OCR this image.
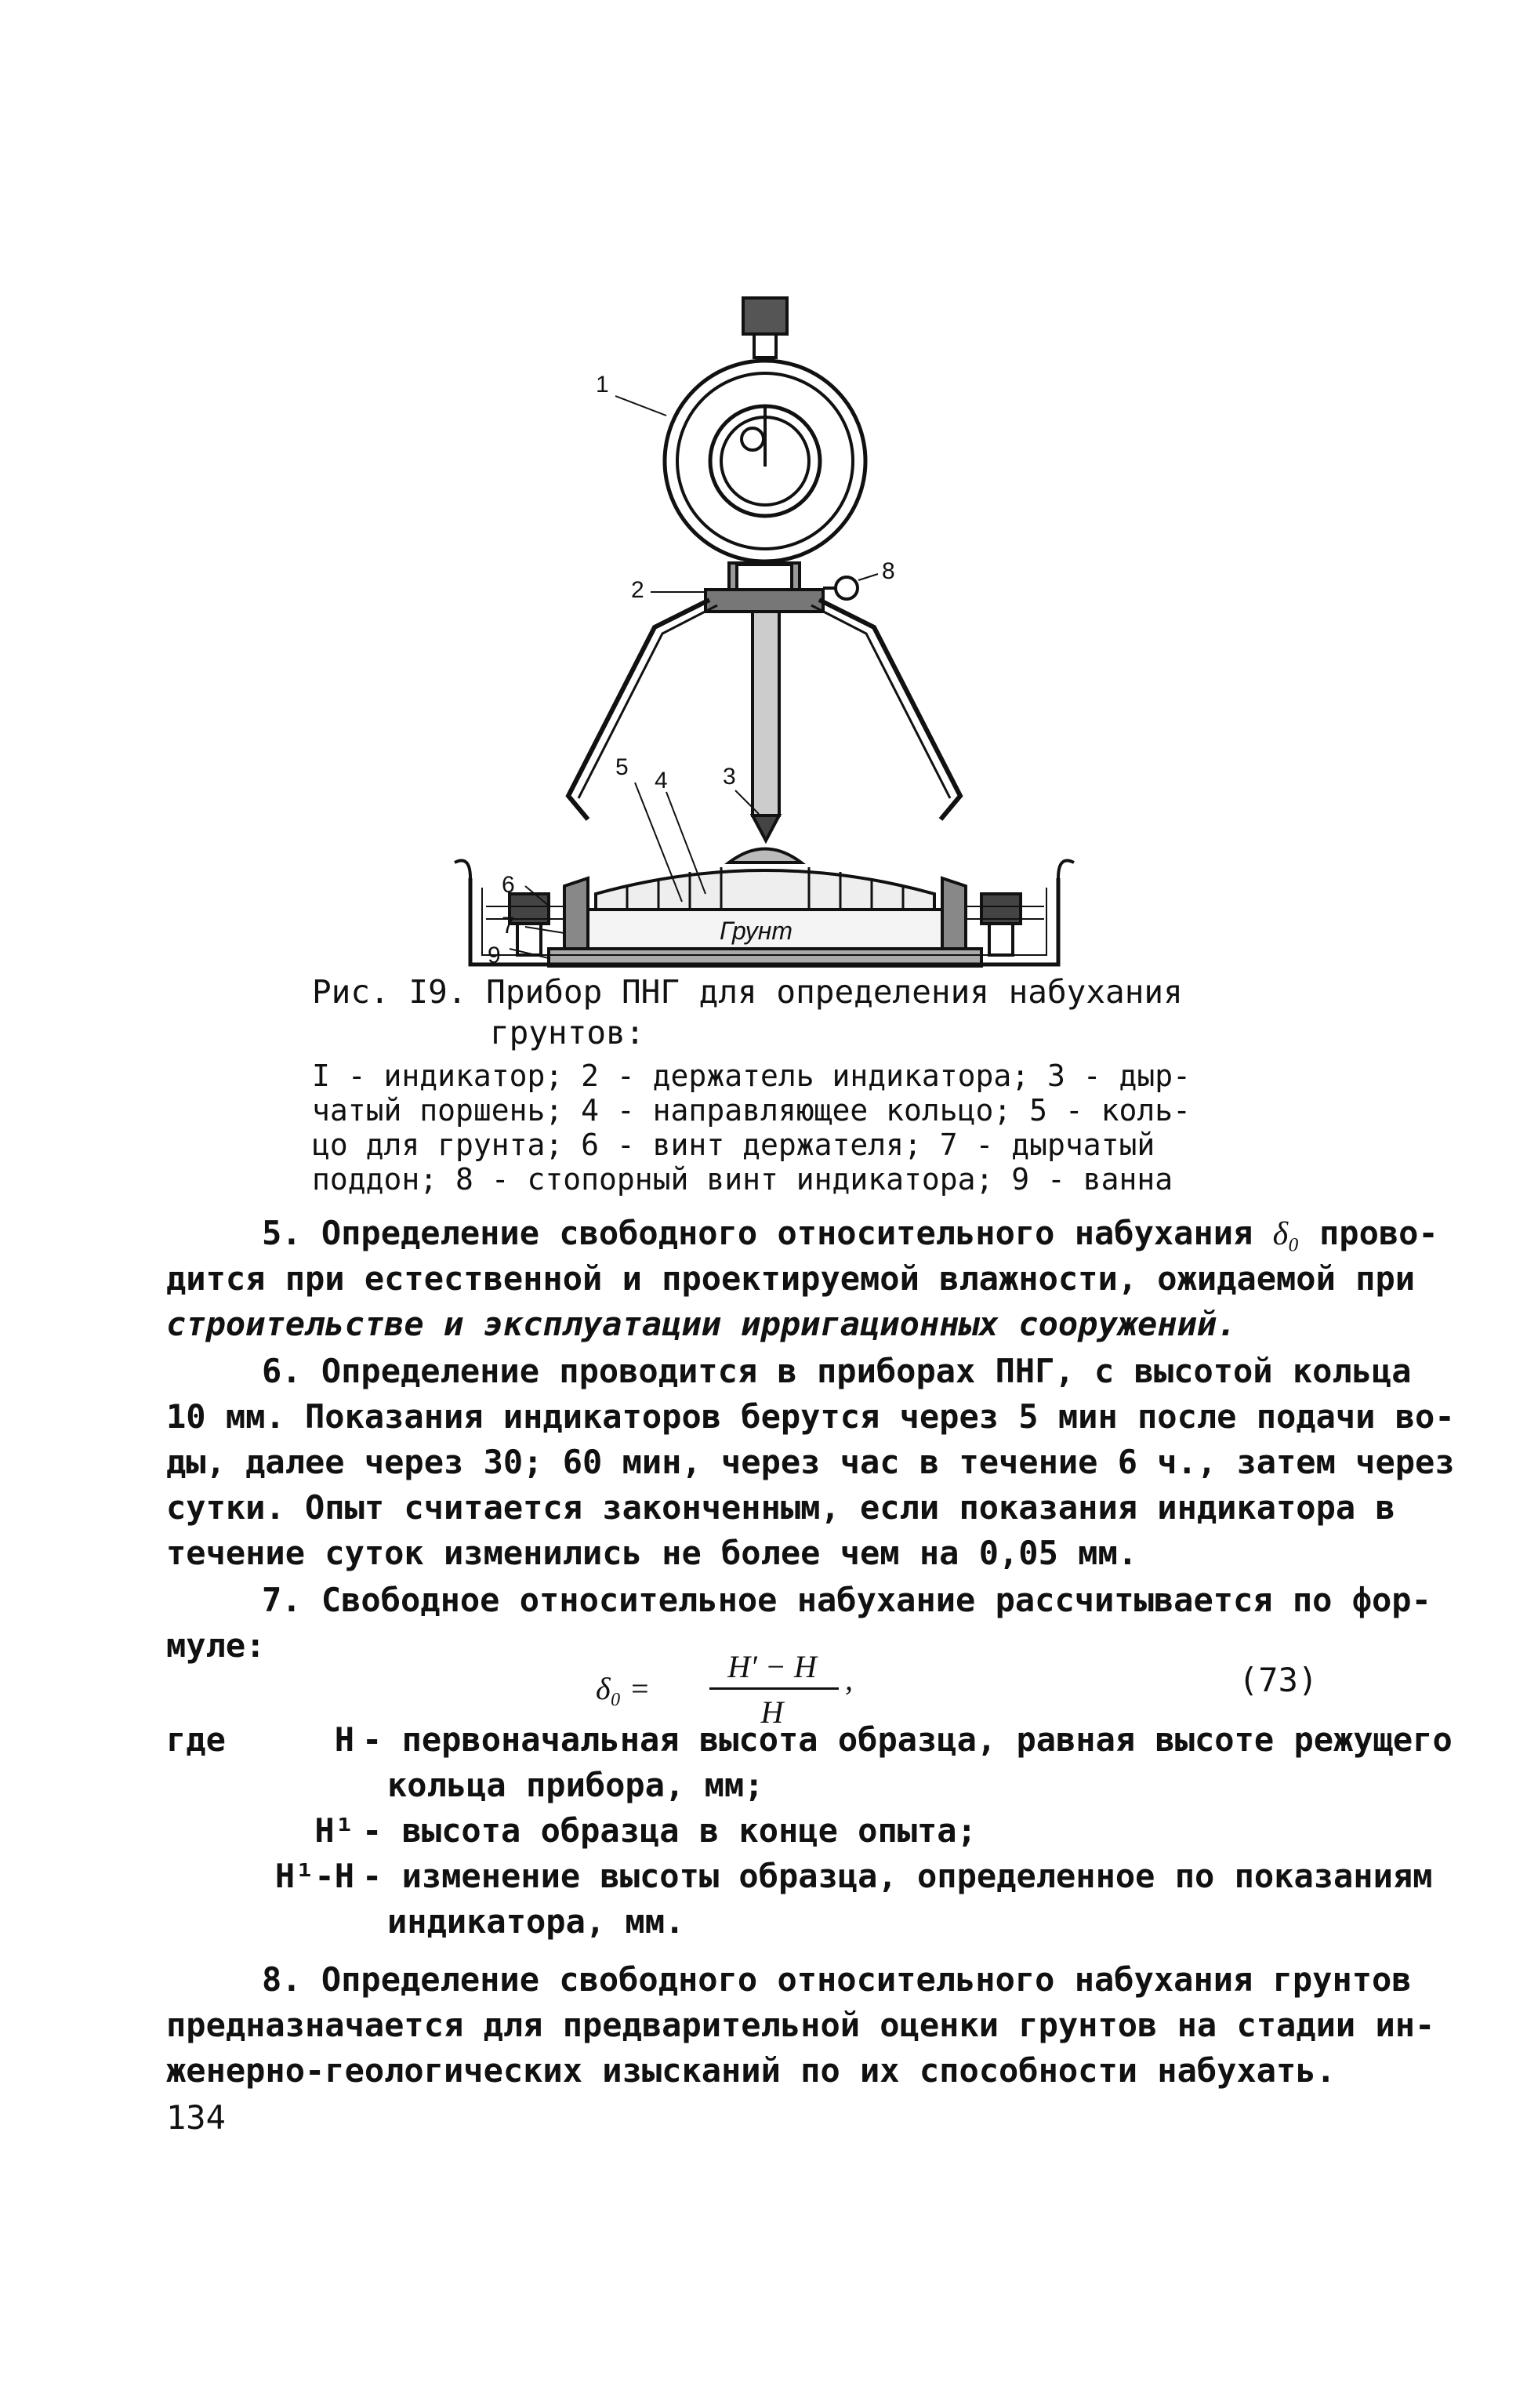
1
2
3
4
5
6
7
8
9
Грунт
Рис. I9. Прибор ПНГ для определения набухания
грунтов:
I - индикатор; 2 - держатель индикатора; 3 - дыр-
чатый поршень; 4 - направляющее кольцо; 5 - коль-
цо для грунта; 6 - винт держателя; 7 - дырчатый
поддон; 8 - стопорный винт индикатора; 9 - ванна
5. Определение свободного относительного набухания δ₀ прово-
дится при естественной и проектируемой влажности, ожидаемой при
строительстве и эксплуатации ирригационных сооружений.
6. Определение проводится в приборах ПНГ, с высотой кольца
10 мм. Показания индикаторов берутся через 5 мин после подачи во-
ды, далее через 30; 60 мин, через час в течение 6 ч., затем через
сутки. Опыт считается законченным, если показания индикатора в
течение суток изменились не более чем на 0,05 мм.
7. Свободное относительное набухание рассчитывается по фор-
муле:
δ₀ =
H′ − H
H
,	(73)
где	H - первоначальная высота образца, равная высоте режущего
кольца прибора, мм;
H¹ - высота образца в конце опыта;
H¹-H - изменение высоты образца, определенное по показаниям
индикатора, мм.
8. Определение свободного относительного набухания грунтов
предназначается для предварительной оценки грунтов на стадии ин-
женерно-геологических изысканий по их способности набухать.
134
